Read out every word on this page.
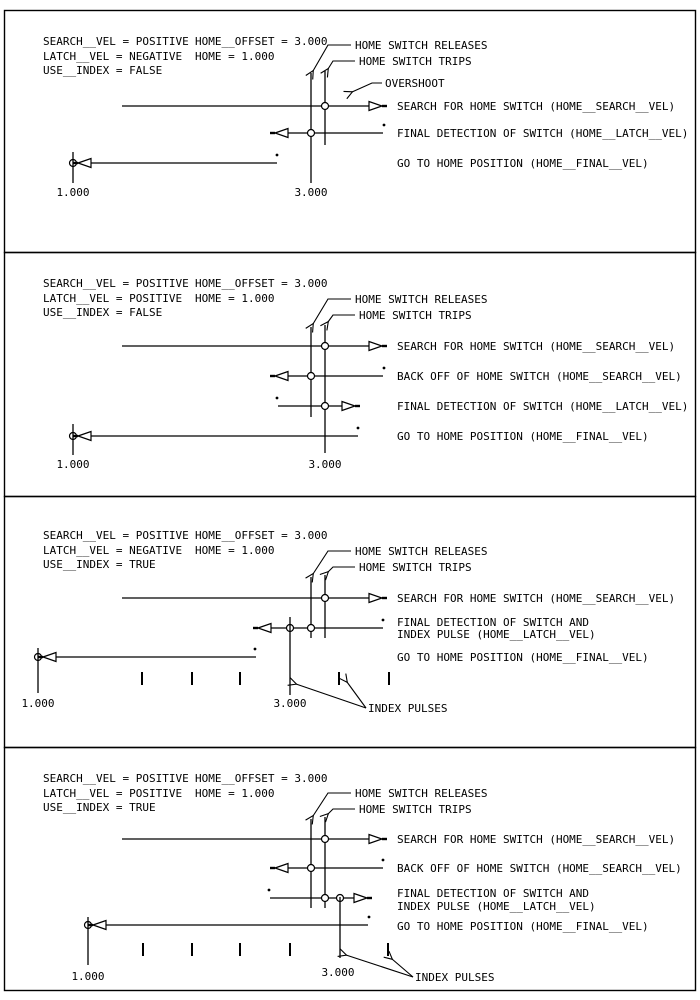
SEARCH__VEL = POSITIVE
LATCH__VEL = NEGATIVE
USE__INDEX = FALSE
HOME__OFFSET = 3.000
HOME = 1.000
HOME SWITCH RELEASES
HOME SWITCH TRIPS
OVERSHOOT
SEARCH FOR HOME SWITCH (HOME__SEARCH__VEL)
FINAL DETECTION OF SWITCH (HOME__LATCH__VEL)
GO TO HOME POSITION (HOME__FINAL__VEL)
1.000	3.000
SEARCH__VEL = POSITIVE
LATCH__VEL = POSITIVE
USE__INDEX = FALSE
HOME__OFFSET = 3.000
HOME = 1.000	HOME SWITCH RELEASES
HOME SWITCH TRIPS
SEARCH FOR HOME SWITCH (HOME__SEARCH__VEL)
BACK OFF OF HOME SWITCH (HOME__SEARCH__VEL)
FINAL DETECTION OF SWITCH (HOME__LATCH__VEL)
GO TO HOME POSITION (HOME__FINAL__VEL)
1.000	3.000
SEARCH__VEL = POSITIVE
LATCH__VEL = NEGATIVE
USE__INDEX = TRUE
HOME__OFFSET = 3.000
HOME = 1.000	HOME SWITCH RELEASES
HOME SWITCH TRIPS
SEARCH FOR HOME SWITCH (HOME__SEARCH__VEL)
FINAL DETECTION OF SWITCH AND
INDEX PULSE (HOME__LATCH__VEL)
GO TO HOME POSITION (HOME__FINAL__VEL)
1.000	3.000	INDEX PULSES
SEARCH__VEL = POSITIVE
LATCH__VEL = POSITIVE
USE__INDEX = TRUE
HOME__OFFSET = 3.000
HOME = 1.000	HOME SWITCH RELEASES
HOME SWITCH TRIPS
SEARCH FOR HOME SWITCH (HOME__SEARCH__VEL)
BACK OFF OF HOME SWITCH (HOME__SEARCH__VEL)
FINAL DETECTION OF SWITCH AND
INDEX PULSE (HOME__LATCH__VEL)
GO TO HOME POSITION (HOME__FINAL__VEL)
1.000	3.000	INDEX PULSES
